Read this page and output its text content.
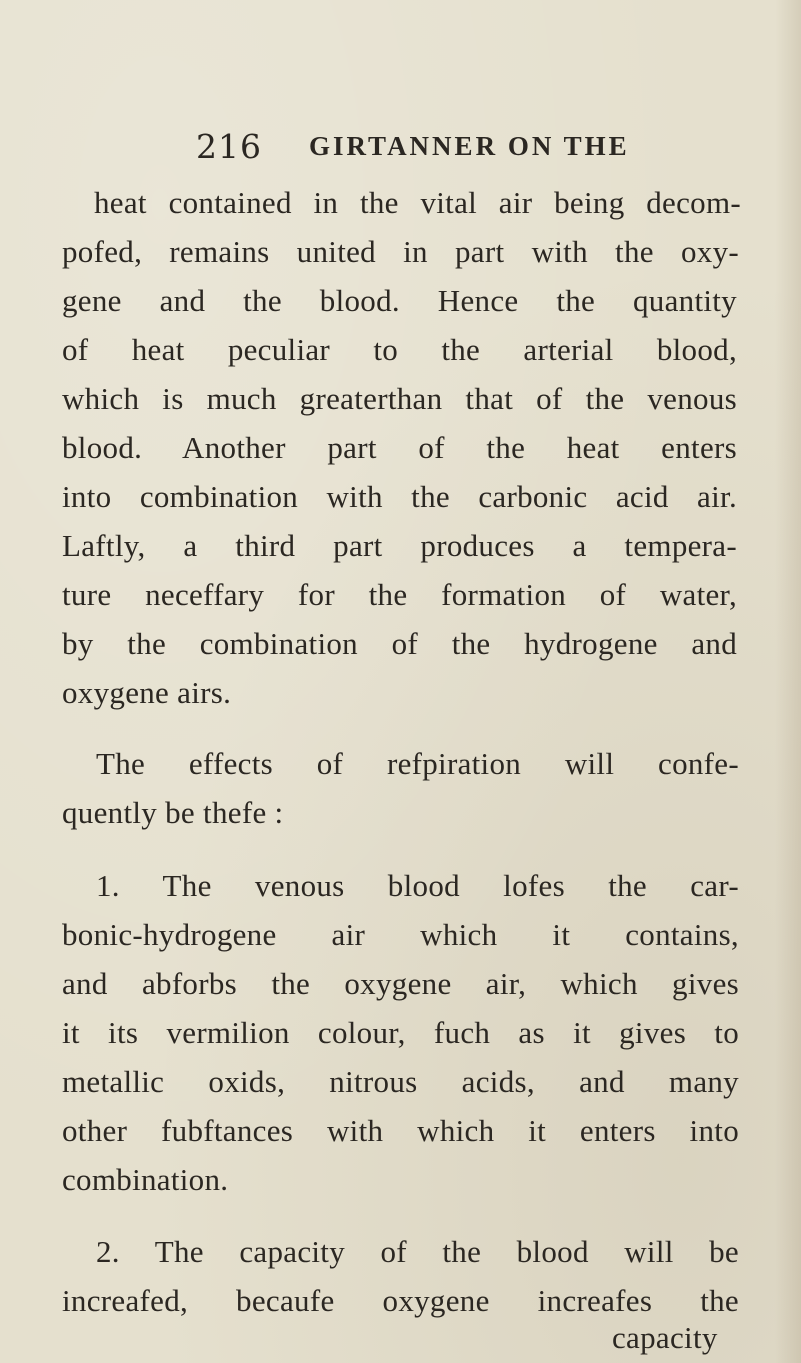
216 GIRTANNER ON THE
heat contained in the vital air being decom-
pofed, remains united in part with the oxy-
gene and the blood. Hence the quantity
of heat peculiar to the arterial blood,
which is much greaterthan that of the venous
blood. Another part of the heat enters
into combination with the carbonic acid air.
Laftly, a third part produces a tempera-
ture neceffary for the formation of water,
by the combination of the hydrogene and
oxygene airs.
The effects of refpiration will confe-
quently be thefe :
1. The venous blood lofes the car-
bonic-hydrogene air which it contains,
and abforbs the oxygene air, which gives
it its vermilion colour, fuch as it gives to
metallic oxids, nitrous acids, and many
other fubftances with which it enters into
combination.
2. The capacity of the blood will be
increafed, becaufe oxygene increafes the
capacity
